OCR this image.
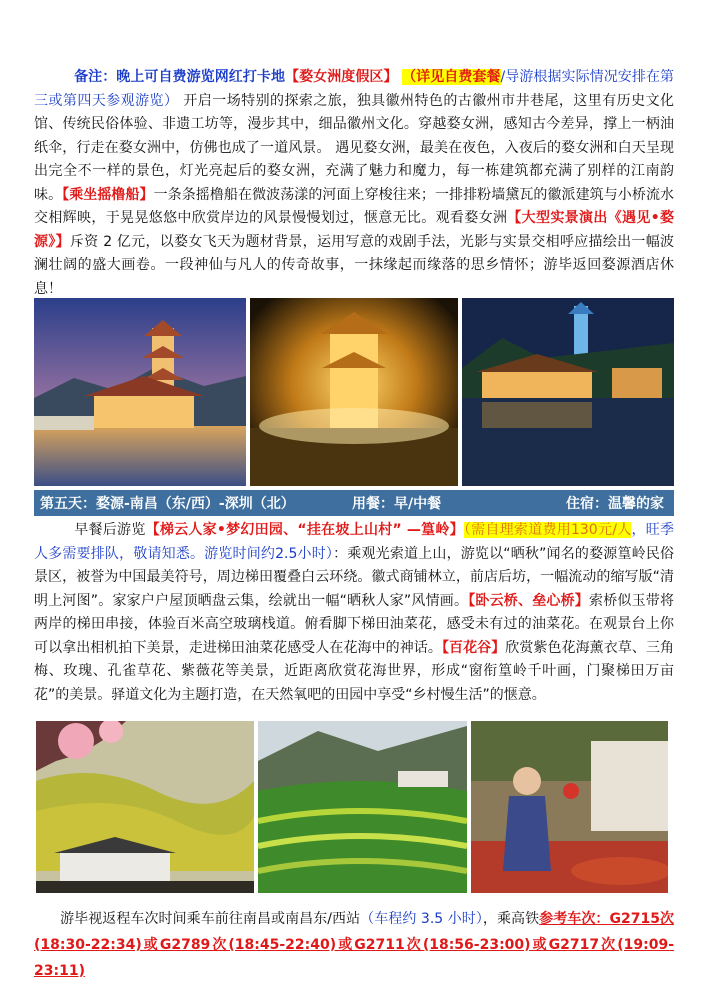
备注：晚上可自费游览网红打卡地【婺女洲度假区】 （详见自费套餐/导游根据实际情况安排在第三或第四天参观游览） 开启一场特别的探索之旅，独具徽州特色的古徽州市井巷尾，这里有历史文化馆、传统民俗体验、非遗工坊等，漫步其中，细品徽州文化。穿越婺女洲，感知古今差异，撑上一柄油纸伞，行走在婺女洲中，仿佛也成了一道风景。 遇见婺女洲，最美在夜色，入夜后的婺女洲和白天呈现出完全不一样的景色，灯光亮起后的婺女洲，充满了魅力和魔力，每一栋建筑都充满了别样的江南韵味。【乘坐摇橹船】一条条摇橹船在微波荡漾的河面上穿梭往来；一排排粉墙黛瓦的徽派建筑与小桥流水交相辉映，于晃晃悠悠中欣赏岸边的风景慢慢划过，惬意无比。观看婺女洲【大型实景演出《遇见•婺源》】斥资 2 亿元，以婺女飞天为题材背景，运用写意的戏剧手法，光影与实景交相呼应描绘出一幅波澜壮阔的盛大画卷。一段神仙与凡人的传奇故事，一抹缘起而缘落的思乡情怀；游毕返回婺源酒店休息！
第五天：婺源-南昌（东/西）-深圳（北）	用餐：早/中餐	住宿：温馨的家
早餐后游览【梯云人家•梦幻田园、“挂在坡上山村” —篁岭】（需自理索道费用130元/人，旺季人多需要排队，敬请知悉。游览时间约2.5小时）：乘观光索道上山，游览以“晒秋”闻名的婺源篁岭民俗景区，被誉为中国最美符号，周边梯田覆叠白云环绕。徽式商铺林立，前店后坊，一幅流动的缩写版“清明上河图”。家家户户屋顶晒盘云集，绘就出一幅“晒秋人家”风情画。【卧云桥、垒心桥】索桥似玉带将两岸的梯田串接，体验百米高空玻璃栈道。俯看脚下梯田油菜花，感受未有过的油菜花。在观景台上你可以拿出相机拍下美景，走进梯田油菜花感受人在花海中的神话。【百花谷】欣赏紫色花海薰衣草、三角梅、玫瑰、孔雀草花、紫薇花等美景，近距离欣赏花海世界，形成“窗衔篁岭千叶画，门聚梯田万亩花”的美景。驿道文化为主题打造，在天然氧吧的田园中享受“乡村慢生活”的惬意。
游毕视返程车次时间乘车前往南昌或南昌东/西站（车程约 3.5 小时），乘高铁参考车次：G2715次(18:30-22:34)或G2789次(18:45-22:40)或G2711次(18:56-23:00)或G2717次(19:09-23:11)
